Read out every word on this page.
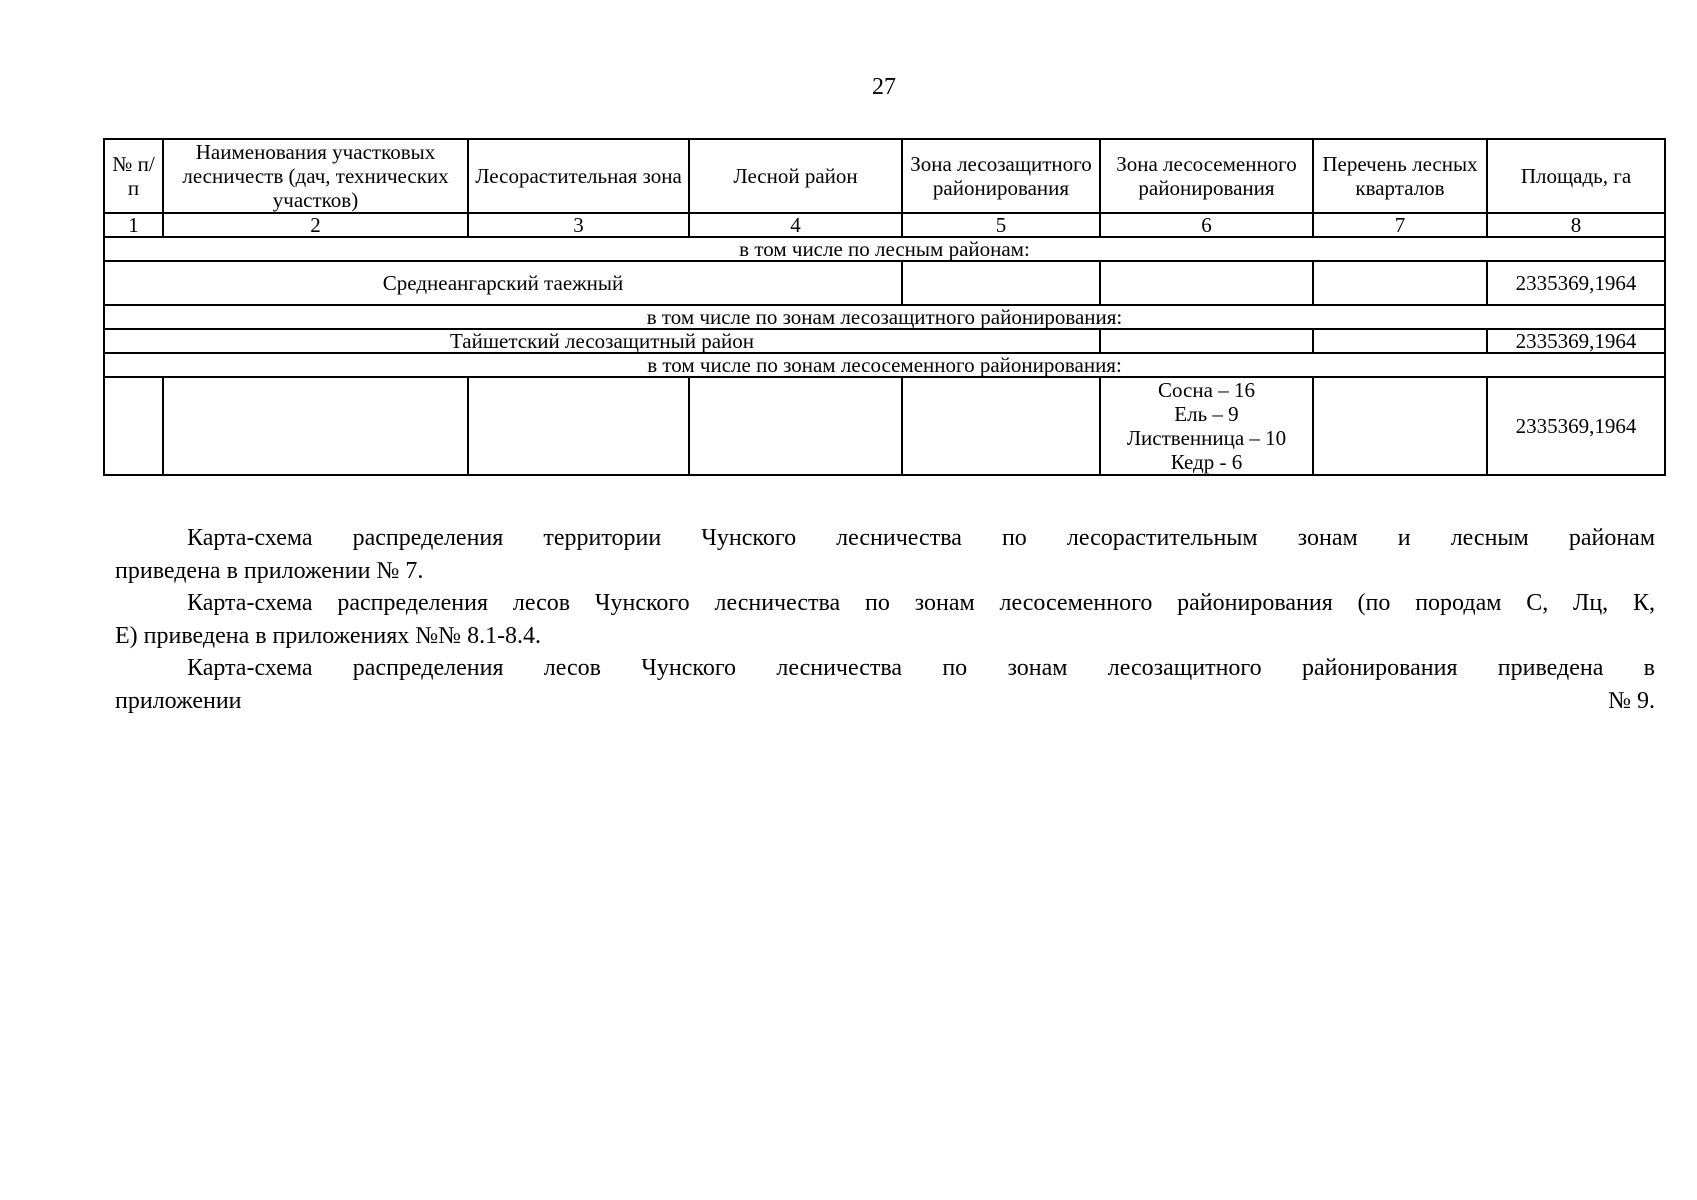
27
№ п/п	Наименования участковых лесничеств (дач, технических участков)	Лесорастительная зона	Лесной район	Зона лесозащитного районирования	Зона лесосеменного районирования	Перечень лесных кварталов	Площадь, га
1	2	3	4	5	6	7	8
в том числе по лесным районам:							
Среднеангарский таежный							2335369,1964
в том числе по зонам лесозащитного районирования:							
Тайшетский лесозащитный район							2335369,1964
в том числе по зонам лесосеменного районирования:							

					Сосна – 16
Ель – 9
Лиственница – 10
Кедр - 6		2335369,1964

Карта-схема распределения территории Чунского лесничества по лесорастительным зонам и лесным районам

приведена в приложении № 7.

Карта-схема распределения лесов Чунского лесничества по зонам лесосеменного районирования (по породам С, Лц, К,

Е) приведена в приложениях №№ 8.1-8.4.

Карта-схема распределения лесов Чунского лесничества по зонам лесозащитного районирования приведена в

приложении	№ 9.
